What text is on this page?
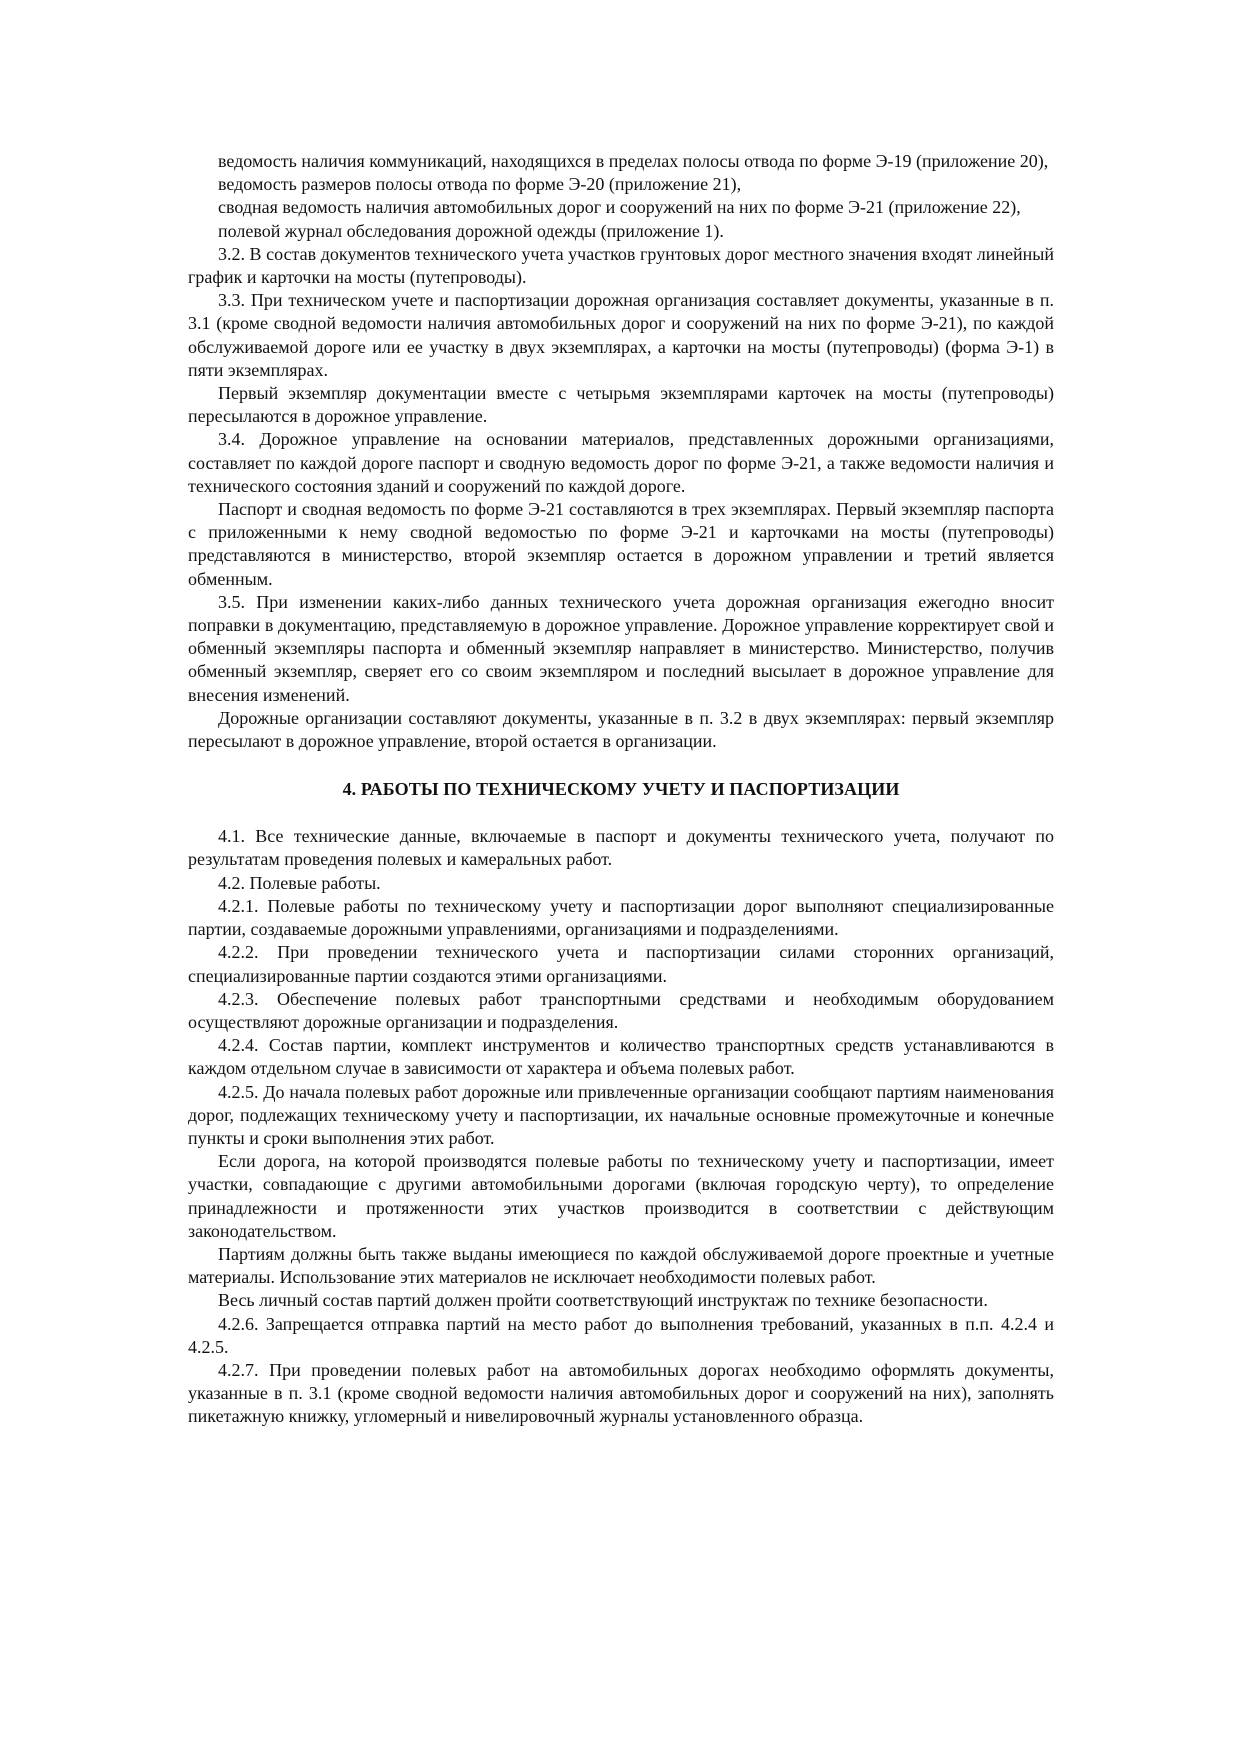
ведомость наличия коммуникаций, находящихся в пределах полосы отвода по форме Э-19 (приложение 20),

ведомость размеров полосы отвода по форме Э-20 (приложение 21),

сводная ведомость наличия автомобильных дорог и сооружений на них по форме Э-21 (приложение 22),

полевой журнал обследования дорожной одежды (приложение 1).

3.2. В состав документов технического учета участков грунтовых дорог местного значения входят линейный график и карточки на мосты (путепроводы).

3.3. При техническом учете и паспортизации дорожная организация составляет документы, указанные в п. 3.1 (кроме сводной ведомости наличия автомобильных дорог и сооружений на них по форме Э-21), по каждой обслуживаемой дороге или ее участку в двух экземплярах, а карточки на мосты (путепроводы) (форма Э-1) в пяти экземплярах.

Первый экземпляр документации вместе с четырьмя экземплярами карточек на мосты (путепроводы) пересылаются в дорожное управление.

3.4. Дорожное управление на основании материалов, представленных дорожными организациями, составляет по каждой дороге паспорт и сводную ведомость дорог по форме Э-21, а также ведомости наличия и технического состояния зданий и сооружений по каждой дороге.

Паспорт и сводная ведомость по форме Э-21 составляются в трех экземплярах. Первый экземпляр паспорта с приложенными к нему сводной ведомостью по форме Э-21 и карточками на мосты (путепроводы) представляются в министерство, второй экземпляр остается в дорожном управлении и третий является обменным.

3.5. При изменении каких-либо данных технического учета дорожная организация ежегодно вносит поправки в документацию, представляемую в дорожное управление. Дорожное управление корректирует свой и обменный экземпляры паспорта и обменный экземпляр направляет в министерство. Министерство, получив обменный экземпляр, сверяет его со своим экземпляром и последний высылает в дорожное управление для внесения изменений.

Дорожные организации составляют документы, указанные в п. 3.2 в двух экземплярах: первый экземпляр пересылают в дорожное управление, второй остается в организации.

4. РАБОТЫ ПО ТЕХНИЧЕСКОМУ УЧЕТУ И ПАСПОРТИЗАЦИИ

4.1. Все технические данные, включаемые в паспорт и документы технического учета, получают по результатам проведения полевых и камеральных работ.

4.2. Полевые работы.

4.2.1. Полевые работы по техническому учету и паспортизации дорог выполняют специализированные партии, создаваемые дорожными управлениями, организациями и подразделениями.

4.2.2. При проведении технического учета и паспортизации силами сторонних организаций, специализированные партии создаются этими организациями.

4.2.3. Обеспечение полевых работ транспортными средствами и необходимым оборудованием осуществляют дорожные организации и подразделения.

4.2.4. Состав партии, комплект инструментов и количество транспортных средств устанавливаются в каждом отдельном случае в зависимости от характера и объема полевых работ.

4.2.5. До начала полевых работ дорожные или привлеченные организации сообщают партиям наименования дорог, подлежащих техническому учету и паспортизации, их начальные основные промежуточные и конечные пункты и сроки выполнения этих работ.

Если дорога, на которой производятся полевые работы по техническому учету и паспортизации, имеет участки, совпадающие с другими автомобильными дорогами (включая городскую черту), то определение принадлежности и протяженности этих участков производится в соответствии с действующим законодательством.

Партиям должны быть также выданы имеющиеся по каждой обслуживаемой дороге проектные и учетные материалы. Использование этих материалов не исключает необходимости полевых работ.

Весь личный состав партий должен пройти соответствующий инструктаж по технике безопасности.

4.2.6. Запрещается отправка партий на место работ до выполнения требований, указанных в п.п. 4.2.4 и 4.2.5.

4.2.7. При проведении полевых работ на автомобильных дорогах необходимо оформлять документы, указанные в п. 3.1 (кроме сводной ведомости наличия автомобильных дорог и сооружений на них), заполнять пикетажную книжку, угломерный и нивелировочный журналы установленного образца.
